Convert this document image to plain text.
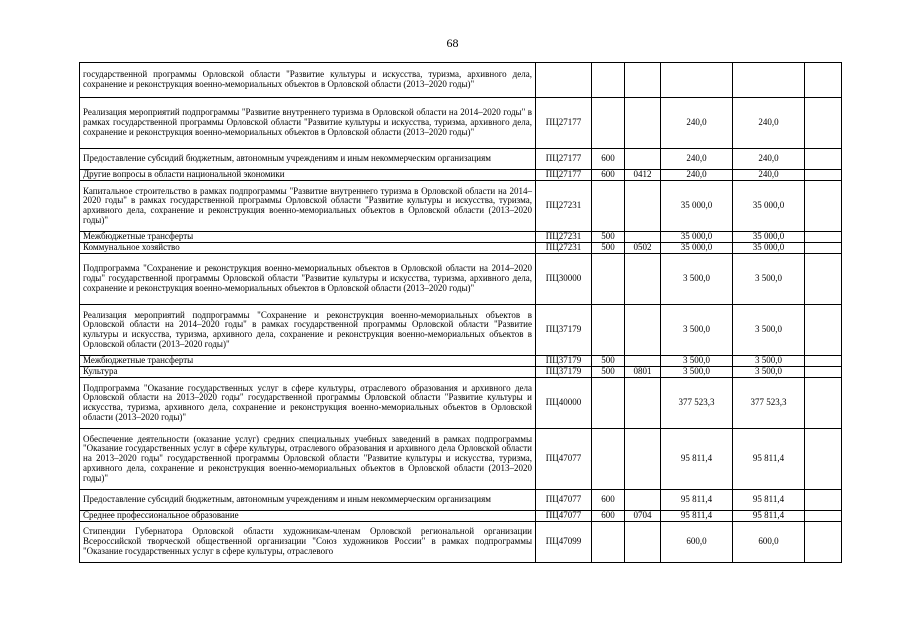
68
государственной программы Орловской области "Развитие культуры и искусства, туризма, архивного дела, сохранение и реконструкция военно-мемориальных объектов в Орловской области (2013–2020 годы)"						
Реализация мероприятий подпрограммы "Развитие внутреннего туризма в Орловской области на 2014–2020 годы" в рамках государственной программы Орловской области "Развитие культуры и искусства, туризма, архивного дела, сохранение и реконструкция военно-мемориальных объектов в Орловской области (2013–2020 годы)"	ПЦ27177			240,0	240,0	
Предоставление субсидий бюджетным, автономным учреждениям и иным некоммерческим организациям	ПЦ27177	600		240,0	240,0	
Другие вопросы в области национальной экономики	ПЦ27177	600	0412	240,0	240,0	
Капитальное строительство в рамках подпрограммы "Развитие внутреннего туризма в Орловской области на 2014–2020 годы" в рамках государственной программы Орловской области "Развитие культуры и искусства, туризма, архивного дела, сохранение и реконструкция военно-мемориальных объектов в Орловской области (2013–2020 годы)"	ПЦ27231			35 000,0	35 000,0	
Межбюджетные трансферты	ПЦ27231	500		35 000,0	35 000,0	
Коммунальное хозяйство	ПЦ27231	500	0502	35 000,0	35 000,0	
Подпрограмма "Сохранение и реконструкция военно-мемориальных объектов в Орловской области на 2014–2020 годы" государственной программы Орловской области "Развитие культуры и искусства, туризма, архивного дела, сохранение и реконструкция военно-мемориальных объектов в Орловской области (2013–2020 годы)"	ПЦ30000			3 500,0	3 500,0	
Реализация мероприятий подпрограммы "Сохранение и реконструкция военно-мемориальных объектов в Орловской области на 2014–2020 годы" в рамках государственной программы Орловской области "Развитие культуры и искусства, туризма, архивного дела, сохранение и реконструкция военно-мемориальных объектов в Орловской области (2013–2020 годы)"	ПЦ37179			3 500,0	3 500,0	
Межбюджетные трансферты	ПЦ37179	500		3 500,0	3 500,0	
Культура	ПЦ37179	500	0801	3 500,0	3 500,0	
Подпрограмма "Оказание государственных услуг в сфере культуры, отраслевого образования и архивного дела Орловской области на 2013–2020 годы" государственной программы Орловской области "Развитие культуры и искусства, туризма, архивного дела, сохранение и реконструкция военно-мемориальных объектов в Орловской области (2013–2020 годы)"	ПЦ40000			377 523,3	377 523,3	
Обеспечение деятельности (оказание услуг) средних специальных учебных заведений в рамках подпрограммы "Оказание государственных услуг в сфере культуры, отраслевого образования и архивного дела Орловской области на 2013–2020 годы" государственной программы Орловской области "Развитие культуры и искусства, туризма, архивного дела, сохранение и реконструкция военно-мемориальных объектов в Орловской области (2013–2020 годы)"	ПЦ47077			95 811,4	95 811,4	
Предоставление субсидий бюджетным, автономным учреждениям и иным некоммерческим организациям	ПЦ47077	600		95 811,4	95 811,4	
Среднее профессиональное образование	ПЦ47077	600	0704	95 811,4	95 811,4	
Стипендии Губернатора Орловской области художникам-членам Орловской региональной организации Всероссийской творческой общественной организации "Союз художников России" в рамках подпрограммы "Оказание государственных услуг в сфере культуры, отраслевого	ПЦ47099			600,0	600,0	
